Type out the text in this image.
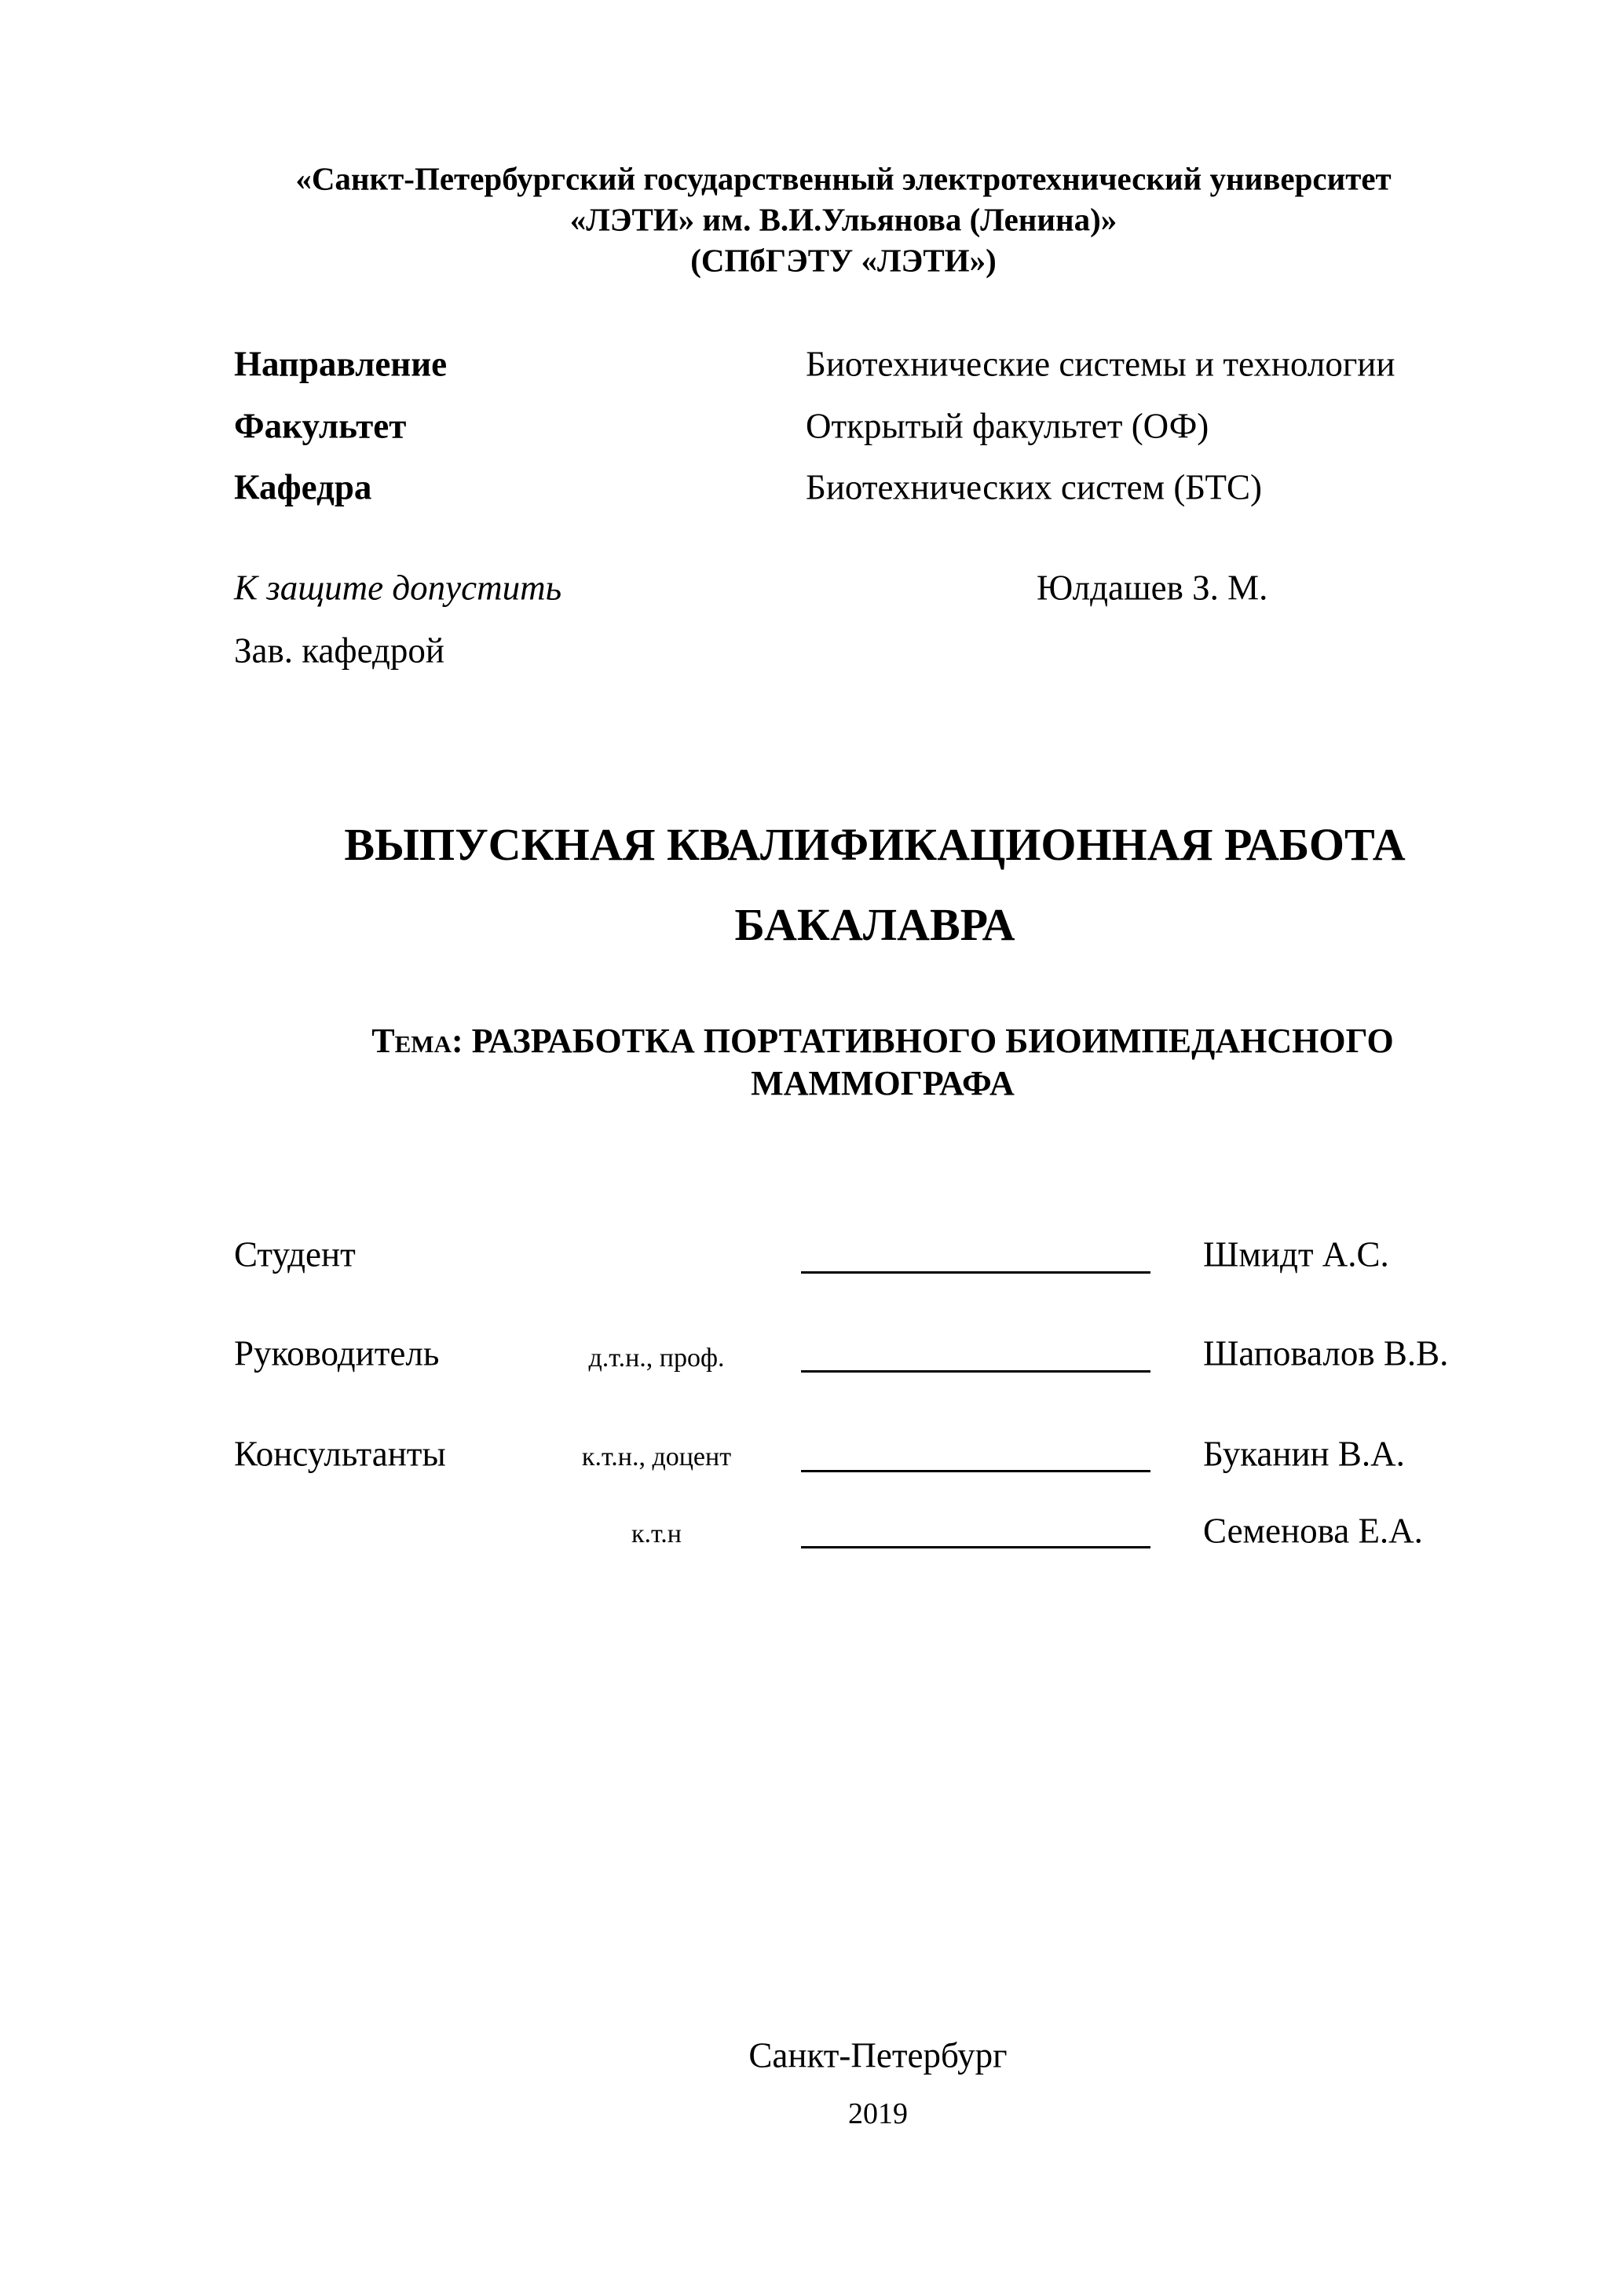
«Санкт-Петербургский государственный электротехнический университет
«ЛЭТИ» им. В.И.Ульянова (Ленина)»
(СПбГЭТУ «ЛЭТИ»)
Направление	Биотехнические системы и технологии
Факультет	Открытый факультет (ОФ)
Кафедра	Биотехнических систем (БТС)
К защите допустить	Юлдашев З. М.
Зав. кафедрой
ВЫПУСКНАЯ КВАЛИФИКАЦИОННАЯ РАБОТА
БАКАЛАВРА
Тема: РАЗРАБОТКА ПОРТАТИВНОГО БИОИМПЕДАНСНОГО
МАММОГРАФА
Студент	Шмидт А.С.
Руководитель	д.т.н., проф.	Шаповалов В.В.
Консультанты	к.т.н., доцент	Буканин В.А.
к.т.н	Семенова Е.А.
Санкт-Петербург
2019
